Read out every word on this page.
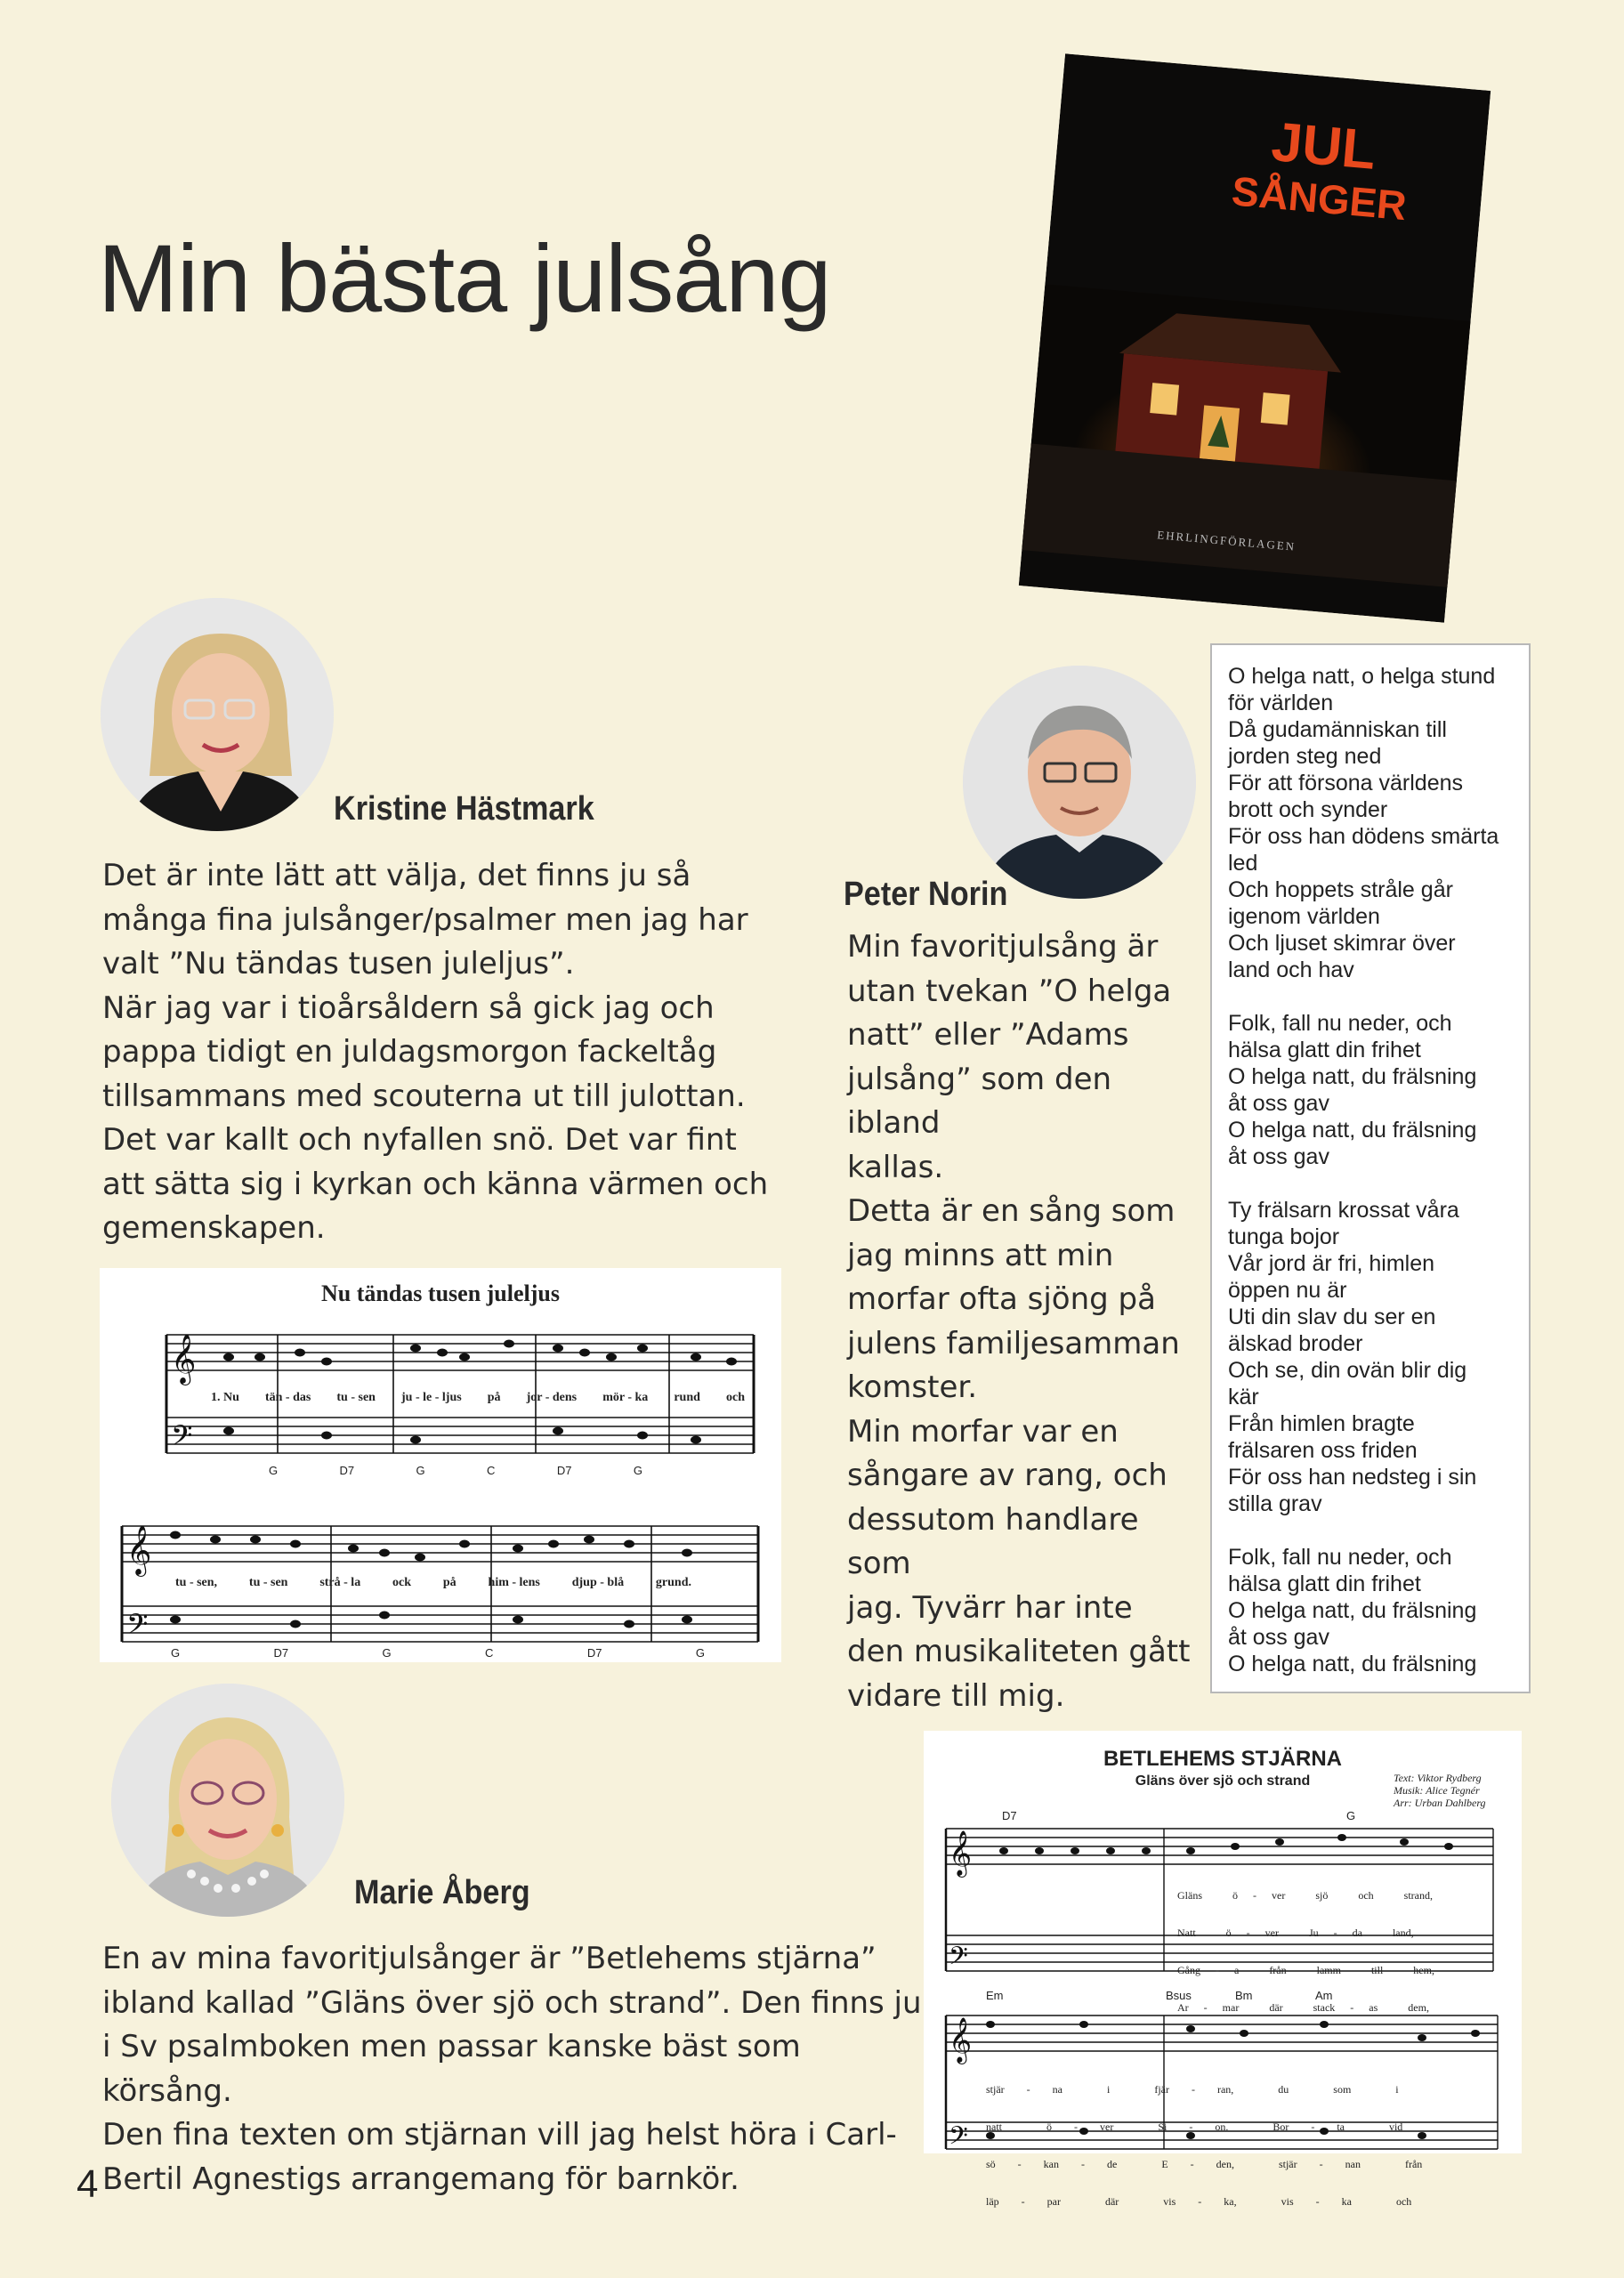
Min bästa julsång
JUL
SÅNGER
EHRLINGFÖRLAGEN
Kristine Hästmark
Det är inte lätt att välja, det finns ju så
många fina julsånger/psalmer men jag har
valt ”Nu tändas tusen juleljus”.
När jag var i tioårsåldern så gick jag och
pappa tidigt en juldagsmorgon fackeltåg
tillsammans med scouterna ut till julottan.
Det var kallt och nyfallen snö. Det var fint
att sätta sig i kyrkan och känna värmen och
gemenskapen.
Nu tändas tusen juleljus
𝄞
𝄢
𝄞
𝄢
1. Nu tän - das tu - sen ju - le - ljus på jor - dens mör - ka rund och
G	D7	G	C	D7	G
tu - sen,	tu - sen	strå - la	ock	på	him - lens	djup - blå	grund.
G	D7	G	C	D7	G
Peter Norin
Min favoritjulsång är
utan tvekan ”O helga
natt” eller ”Adams
julsång” som den ibland
kallas.
Detta är en sång som
jag minns att min
morfar ofta sjöng på
julens familjesamman
komster.
Min morfar var en
sångare av rang, och
dessutom handlare som
jag. Tyvärr har inte
den musikaliteten gått
vidare till mig.

O helga natt, o helga stund
för världen
Då gudamänniskan till
jorden steg ned
För att försona världens
brott och synder
För oss han dödens smärta
led
Och hoppets stråle går
igenom världen
Och ljuset skimrar över
land och hav

Folk, fall nu neder, och
hälsa glatt din frihet
O helga natt, du frälsning
åt oss gav
O helga natt, du frälsning
åt oss gav

Ty frälsarn krossat våra
tunga bojor
Vår jord är fri, himlen
öppen nu är
Uti din slav du ser en
älskad broder
Och se, din ovän blir dig
kär
Från himlen bragte
frälsaren oss friden
För oss han nedsteg i sin
stilla grav

Folk, fall nu neder, och
hälsa glatt din frihet
O helga natt, du frälsning
åt oss gav
O helga natt, du frälsning

Marie Åberg
En av mina favoritjulsånger är ”Betlehems stjärna”
ibland kallad ”Gläns över sjö och strand”. Den finns ju
i Sv psalmboken men passar kanske bäst som körsång.
Den fina texten om stjärnan vill jag helst höra i Carl-
Bertil Agnestigs arrangemang för barnkör.
BETLEHEMS STJÄRNA
Gläns över sjö och strand	Text: Viktor Rydberg
Musik: Alice Tegnér
Arr: Urban Dahlberg
𝄞
𝄢
𝄞
𝄢
D7	G

Gläns  ö - ver  sjö  och  strand,

Natt  ö - ver  Ju - da  land,

Gång - a  från  lamm  till  hem,

Ar - mar  där  stack - as  dem,

Em	Bsus	Bm	Am

stjär - na  i  fjär - ran,  du  som  i

natt  ö - ver  Si - on.  Bor - ta  vid

sö - kan - de  E - den,  stjär - nan  från

läp - par  där  vis - ka,  vis - ka  och

4
